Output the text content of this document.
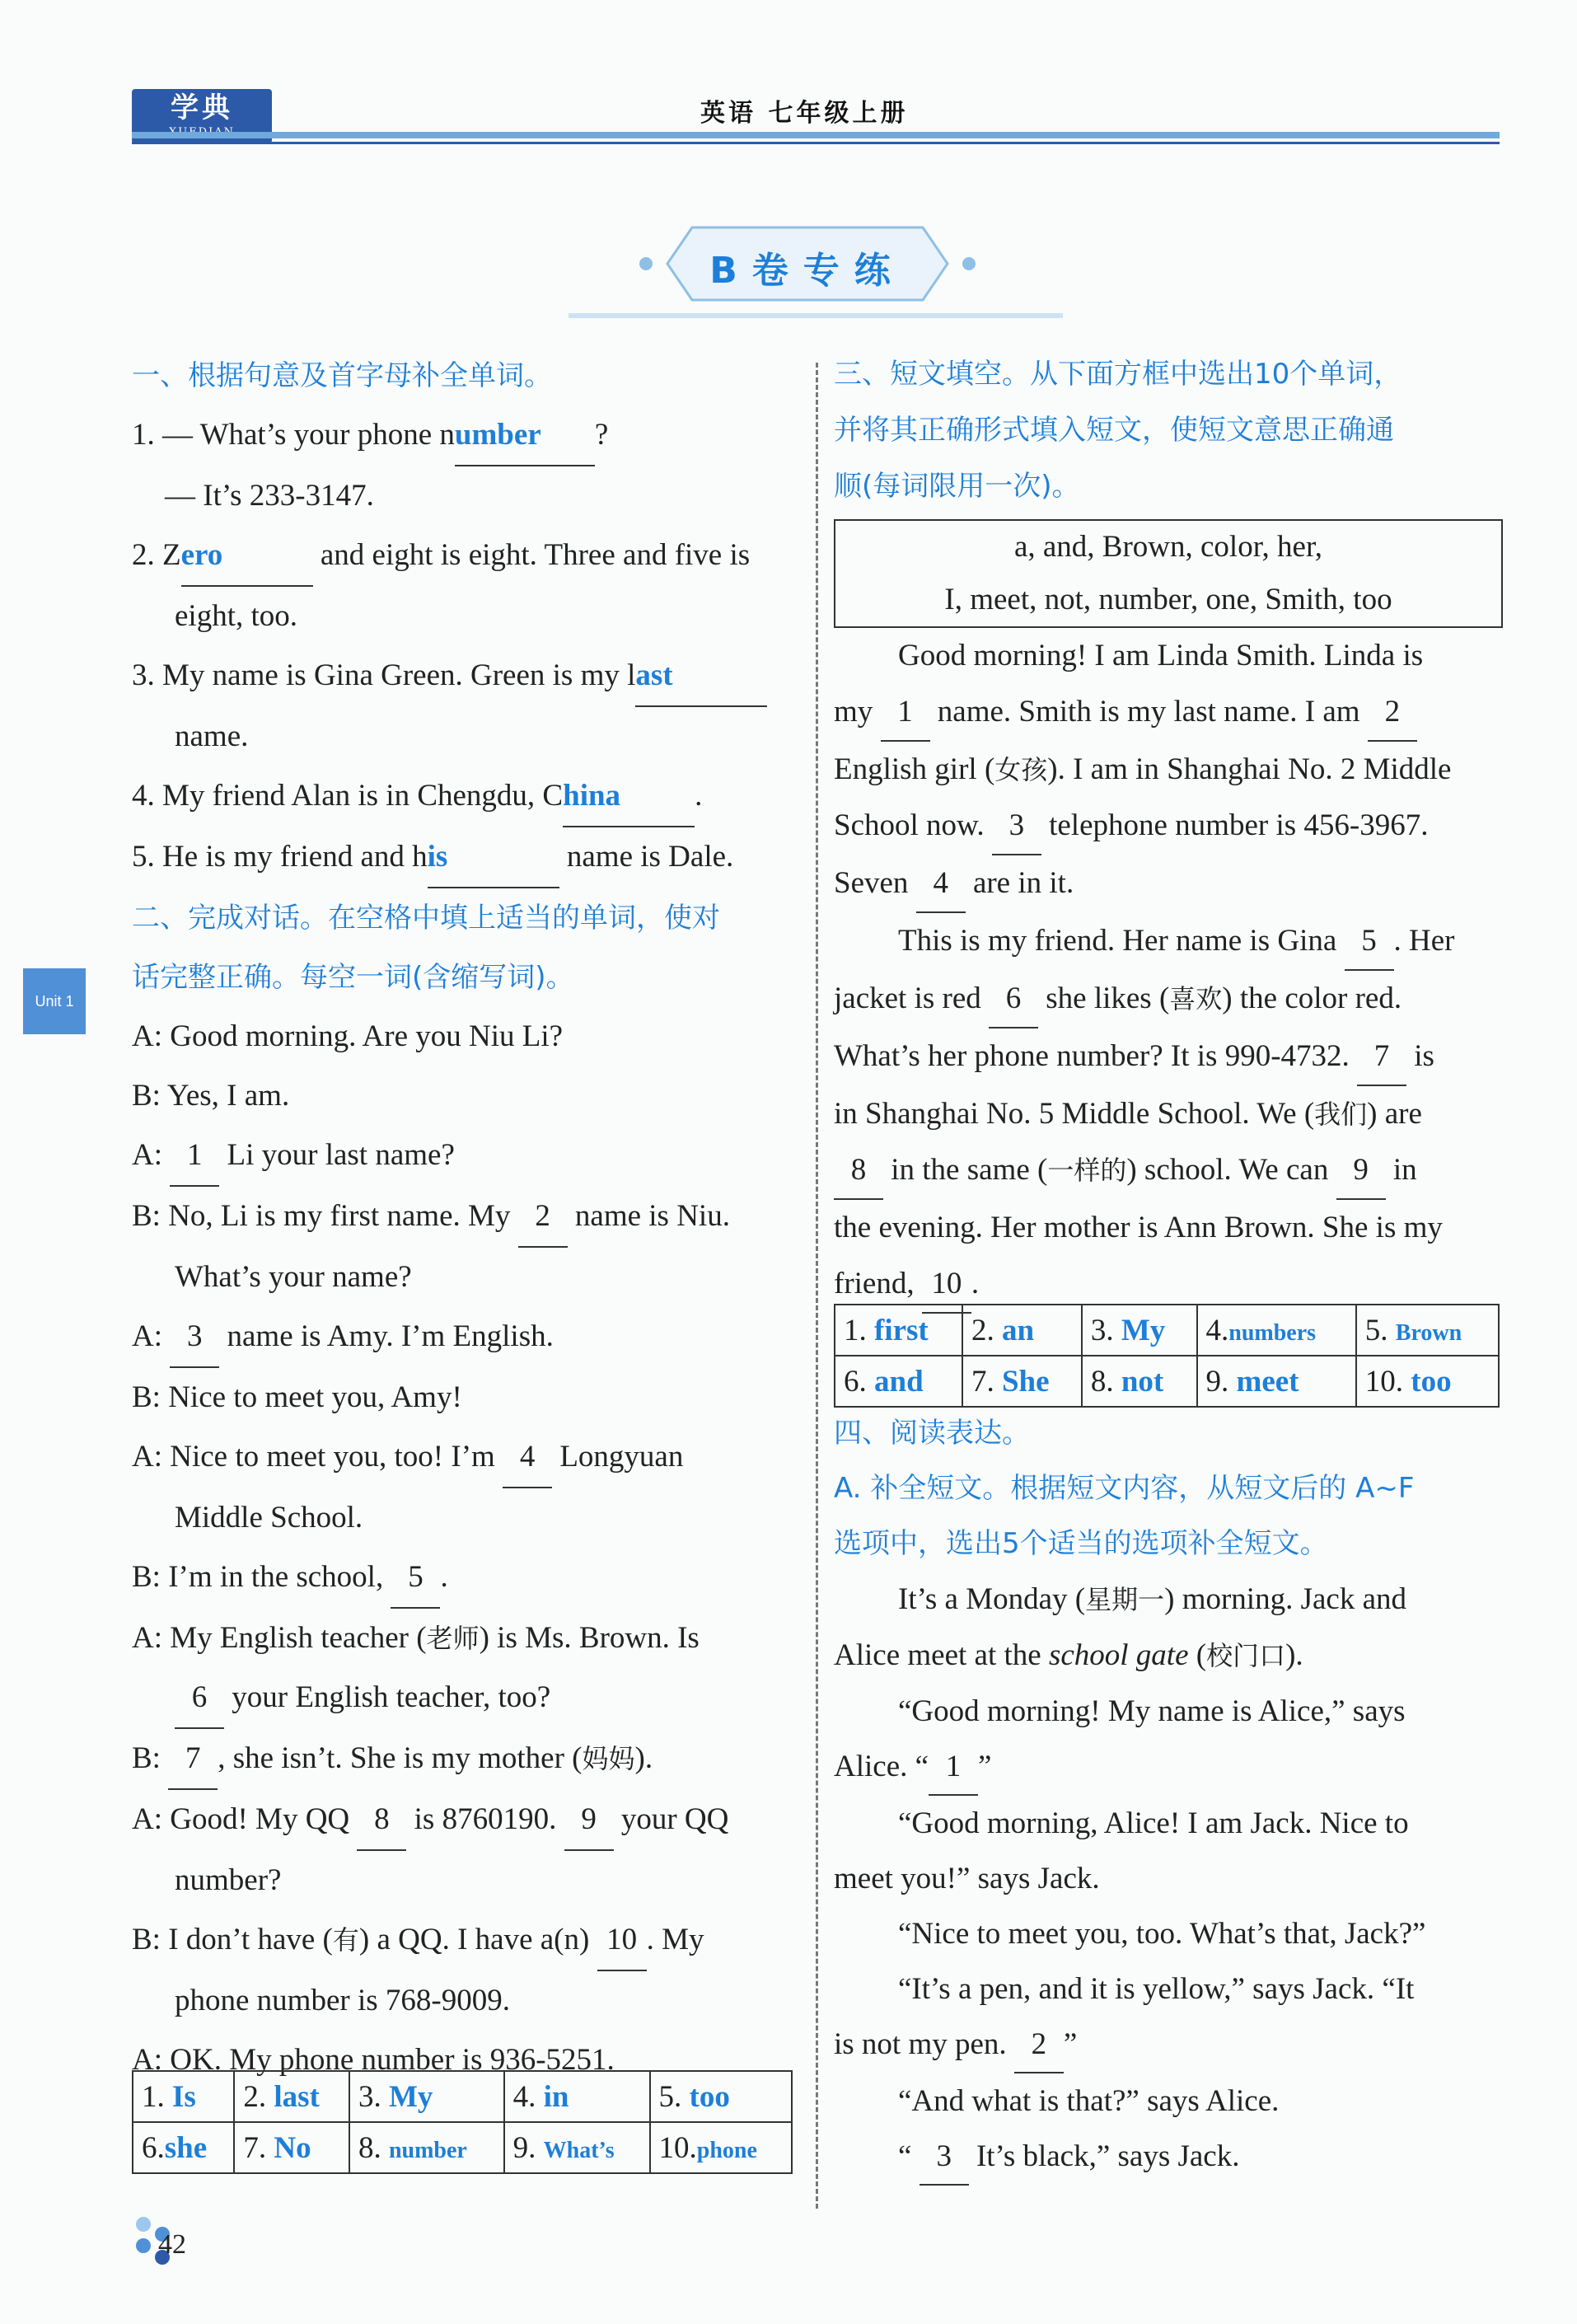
学典	英语 七年级上册
B卷专练
Unit 1
一、根据句意及首字母补全单词。
1. — What’s your phone number ?
— It’s 233-3147.
2. Zero	and eight is eight. Three and five is
eight, too.
3. My name is Gina Green. Green is my last
name.
4. My friend Alan is in Chengdu, China .
5. He is my friend and his	name is Dale.
二、完成对话。在空格中填上适当的单词，使对
话完整正确。每空一词(含缩写词)。
A: Good morning. Are you Niu Li?
B: Yes, I am.
A: 1 Li your last name?
B: No, Li is my first name. My 2 name is Niu.
What’s your name?
A: 3 name is Amy. I’m English.
B: Nice to meet you, Amy!
A: Nice to meet you, too! I’m 4 Longyuan
Middle School.
B: I’m in the school, 5 .
A: My English teacher (老师) is Ms. Brown. Is
6 your English teacher, too?
B: 7 , she isn’t. She is my mother (妈妈).
A: Good! My QQ 8 is 8760190. 9 your QQ
number?
B: I don’t have (有) a QQ. I have a(n) 10 . My
phone number is 768-9009.
A: OK. My phone number is 936-5251.
1. Is	2. last	3. My	4. in	5. too
6.she	7. No	8. number	9. What’s	10.phone
三、短文填空。从下面方框中选出10个单词，
并将其正确形式填入短文，使短文意思正确通
顺(每词限用一次)。
a, and, Brown, color, her,
I, meet, not, number, one, Smith, too
Good morning! I am Linda Smith. Linda is
my 1 name. Smith is my last name. I am 2
English girl (女孩). I am in Shanghai No. 2 Middle
School now. 3 telephone number is 456-3967.
Seven 4 are in it.
This is my friend. Her name is Gina 5 . Her
jacket is red 6 she likes (喜欢) the color red.
What’s her phone number? It is 990-4732. 7 is
in Shanghai No. 5 Middle School. We (我们) are
8 in the same (一样的) school. We can 9 in
the evening. Her mother is Ann Brown. She is my
friend, 10 .
1. first	2. an	3. My	4.numbers	5. Brown
6. and	7. She	8. not	9. meet	10. too
四、阅读表达。
A. 补全短文。根据短文内容，从短文后的 A~F
选项中，选出5个适当的选项补全短文。
It’s a Monday (星期一) morning. Jack and
Alice meet at the school gate (校门口).
“Good morning! My name is Alice,” says
Alice. “ 1 ”
“Good morning, Alice! I am Jack. Nice to
meet you!” says Jack.
“Nice to meet you, too. What’s that, Jack?”
“It’s a pen, and it is yellow,” says Jack. “It
is not my pen. 2 ”
“And what is that?” says Alice.
“ 3 It’s black,” says Jack.
42
